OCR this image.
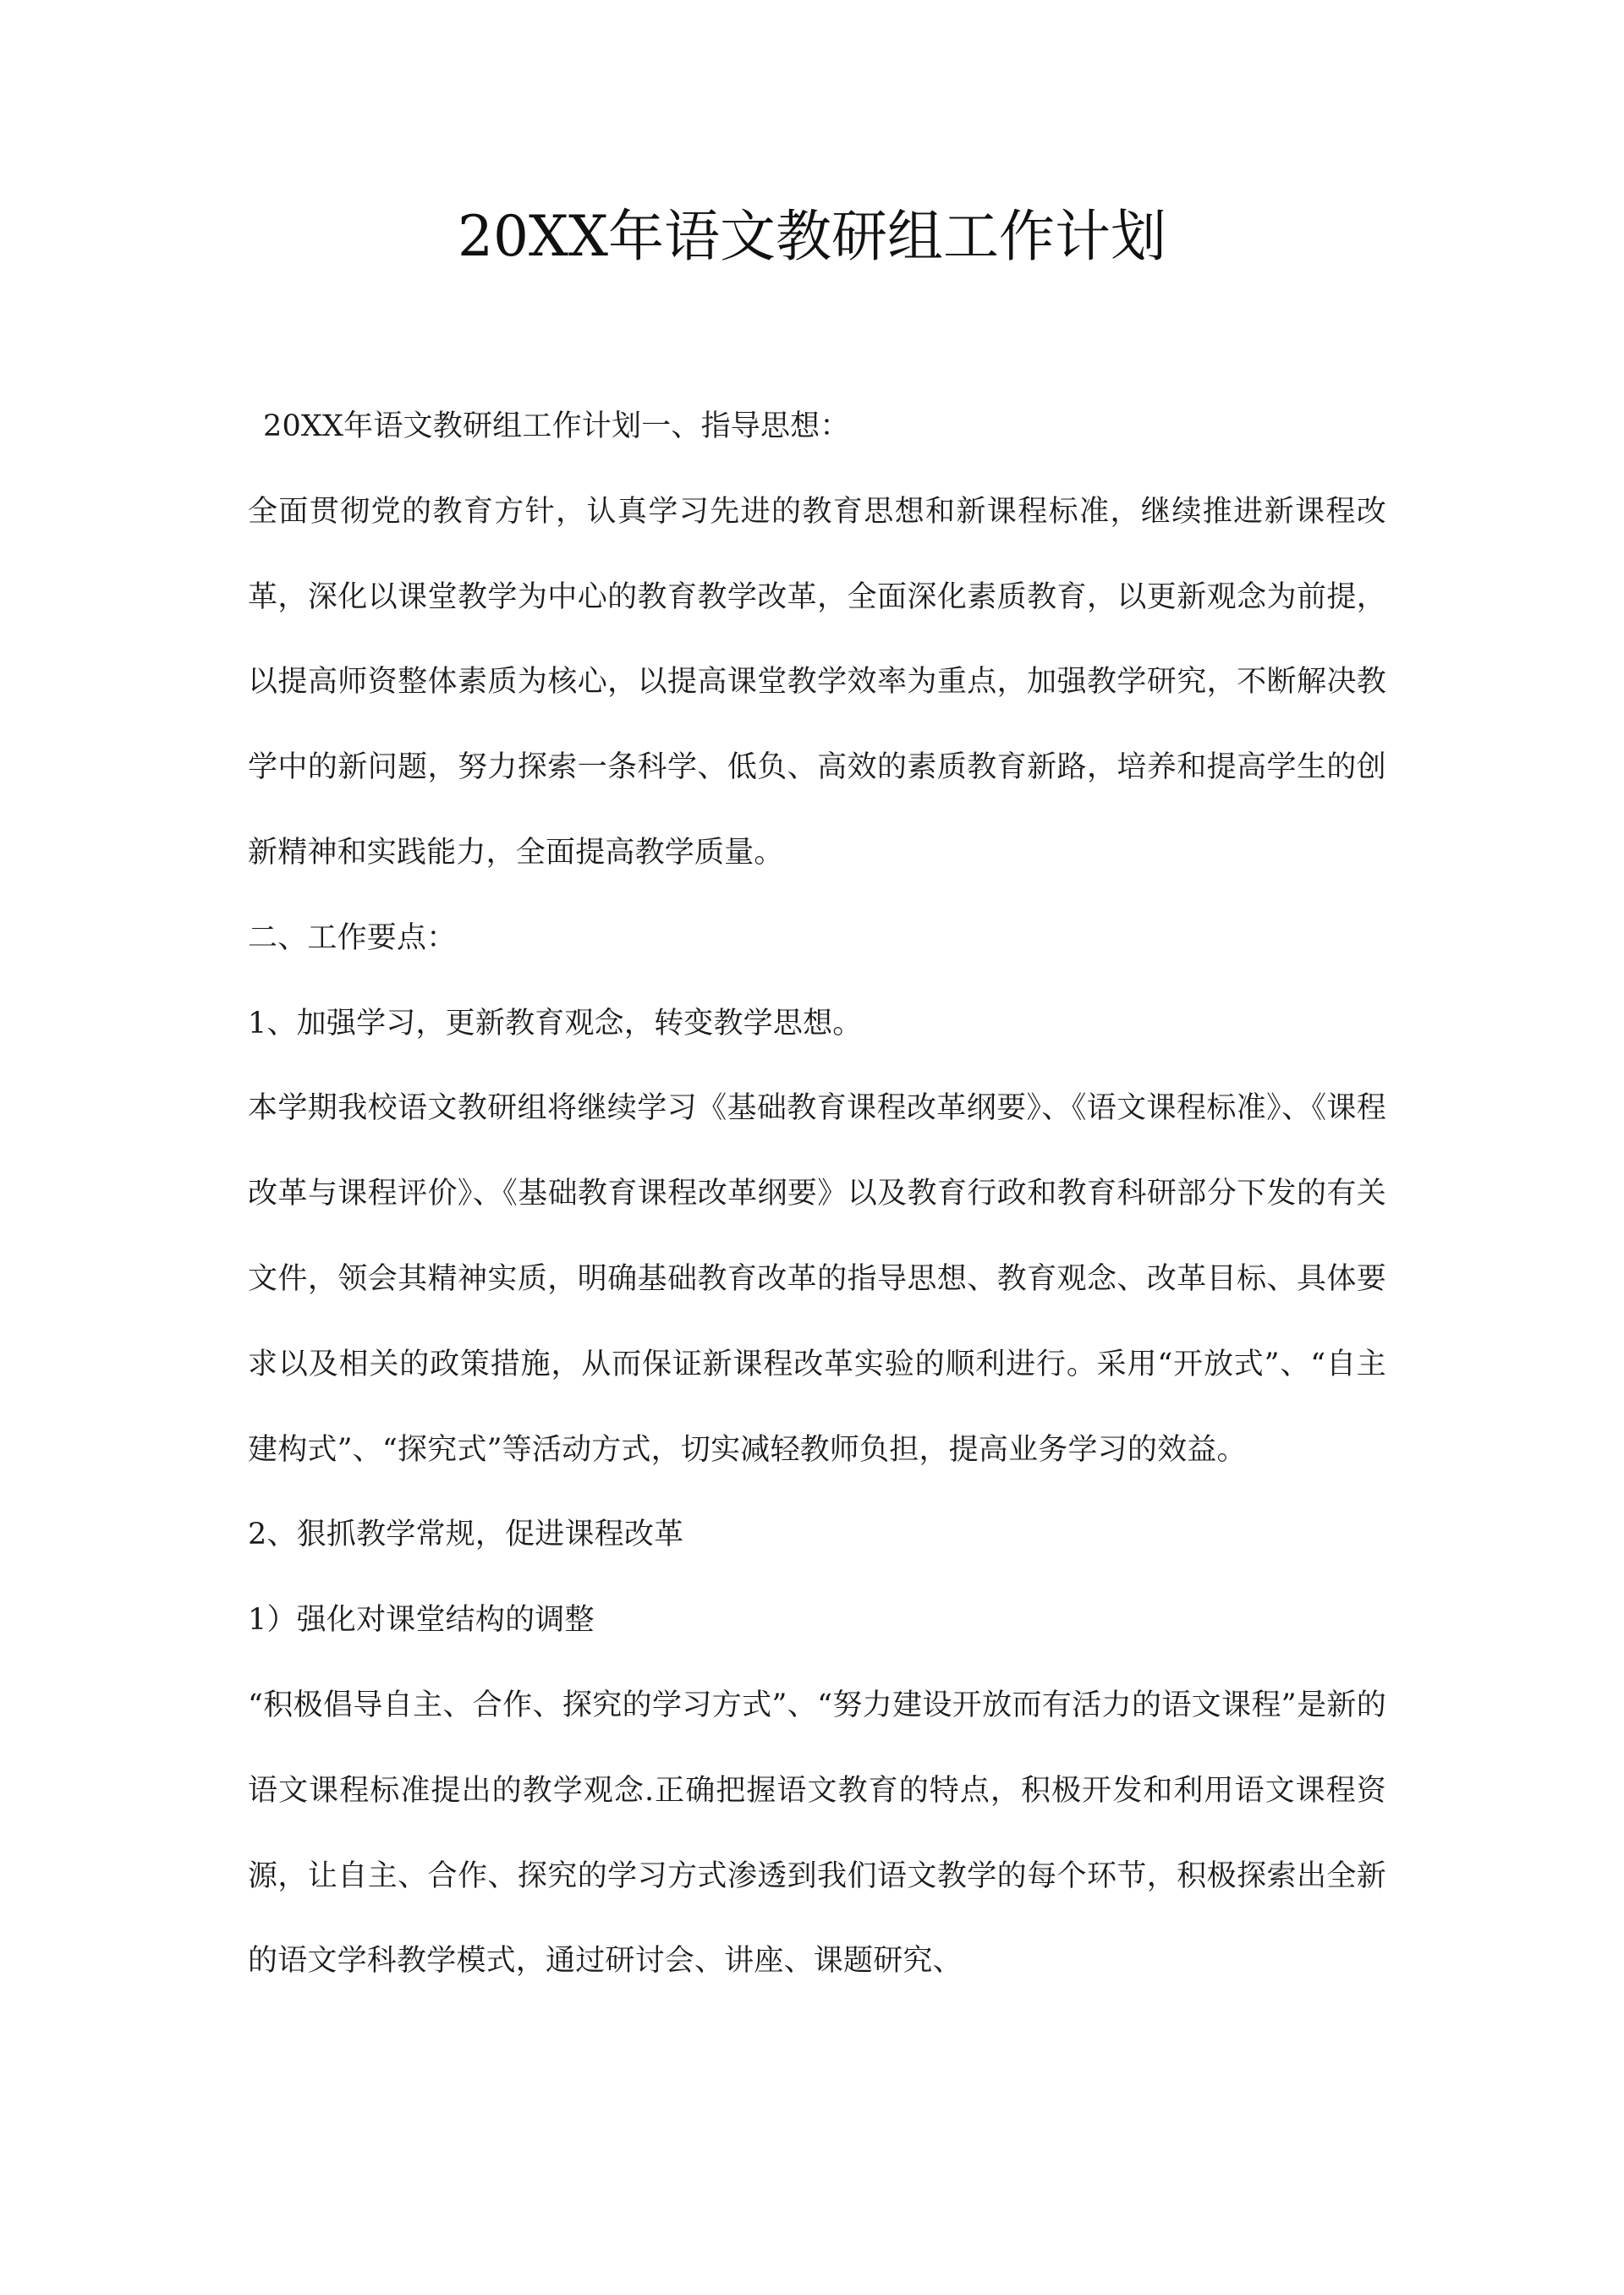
20XX年语文教研组工作计划

20XX年语文教研组工作计划一、指导思想：

全面贯彻党的教育方针，认真学习先进的教育思想和新课程标准，继续推进新课程改革，深化以课堂教学为中心的教育教学改革，全面深化素质教育，以更新观念为前提，以提高师资整体素质为核心，以提高课堂教学效率为重点，加强教学研究，不断解决教学中的新问题，努力探索一条科学、低负、高效的素质教育新路，培养和提高学生的创新精神和实践能力，全面提高教学质量。

二、工作要点：

1、加强学习，更新教育观念，转变教学思想。

本学期我校语文教研组将继续学习《基础教育课程改革纲要》、《语文课程标准》、《课程改革与课程评价》、《基础教育课程改革纲要》以及教育行政和教育科研部分下发的有关文件，领会其精神实质，明确基础教育改革的指导思想、教育观念、改革目标、具体要求以及相关的政策措施，从而保证新课程改革实验的顺利进行。采用“开放式”、“自主建构式”、“探究式”等活动方式，切实减轻教师负担，提高业务学习的效益。

2、狠抓教学常规，促进课程改革

1）强化对课堂结构的调整

“积极倡导自主、合作、探究的学习方式”、“努力建设开放而有活力的语文课程”是新的语文课程标准提出的教学观念.正确把握语文教育的特点，积极开发和利用语文课程资源，让自主、合作、探究的学习方式渗透到我们语文教学的每个环节，积极探索出全新的语文学科教学模式，通过研讨会、讲座、课题研究、
